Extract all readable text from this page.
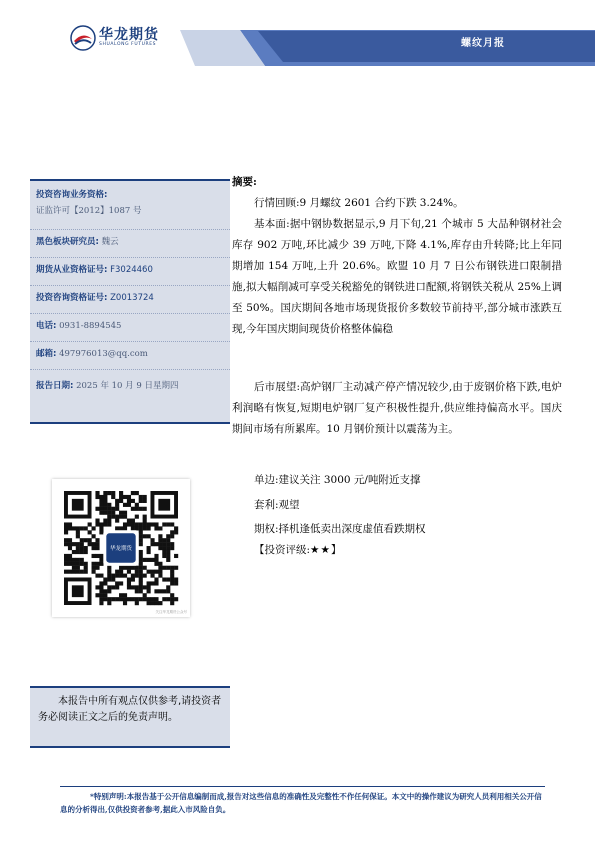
华龙期货
SHUALONG FUTURES	螺纹月报
投资咨询业务资格:
证监许可【2012】1087 号
黑色板块研究员: 魏云
期货从业资格证号: F3024460
投资咨询资格证号: Z0013724
电话: 0931-8894545
邮箱: 497976013@qq.com
报告日期: 2025 年 10 月 9 日星期四
华龙期货
关注华龙期货公众号
本报告中所有观点仅供参考,请投资者务必阅读正文之后的免责声明。
摘要:
行情回顾:9 月螺纹 2601 合约下跌 3.24%。
基本面:据中钢协数据显示,9 月下旬,21 个城市 5 大品种钢材社会库存 902 万吨,环比减少 39 万吨,下降 4.1%,库存由升转降;比上年同期增加 154 万吨,上升 20.6%。欧盟 10 月 7 日公布钢铁进口限制措施,拟大幅削减可享受关税豁免的钢铁进口配额,将钢铁关税从 25%上调至 50%。国庆期间各地市场现货报价多数较节前持平,部分城市涨跌互现,今年国庆期间现货价格整体偏稳
后市展望:高炉钢厂主动减产停产情况较少,由于废钢价格下跌,电炉利润略有恢复,短期电炉钢厂复产积极性提升,供应维持偏高水平。国庆期间市场有所累库。10 月钢价预计以震荡为主。
单边:建议关注 3000 元/吨附近支撑
套利:观望
期权:择机逢低卖出深度虚值看跌期权
【投资评级:★★】
*特别声明:本报告基于公开信息编制而成,报告对这些信息的准确性及完整性不作任何保证。本文中的操作建议为研究人员利用相关公开信息的分析得出,仅供投资者参考,据此入市风险自负。
